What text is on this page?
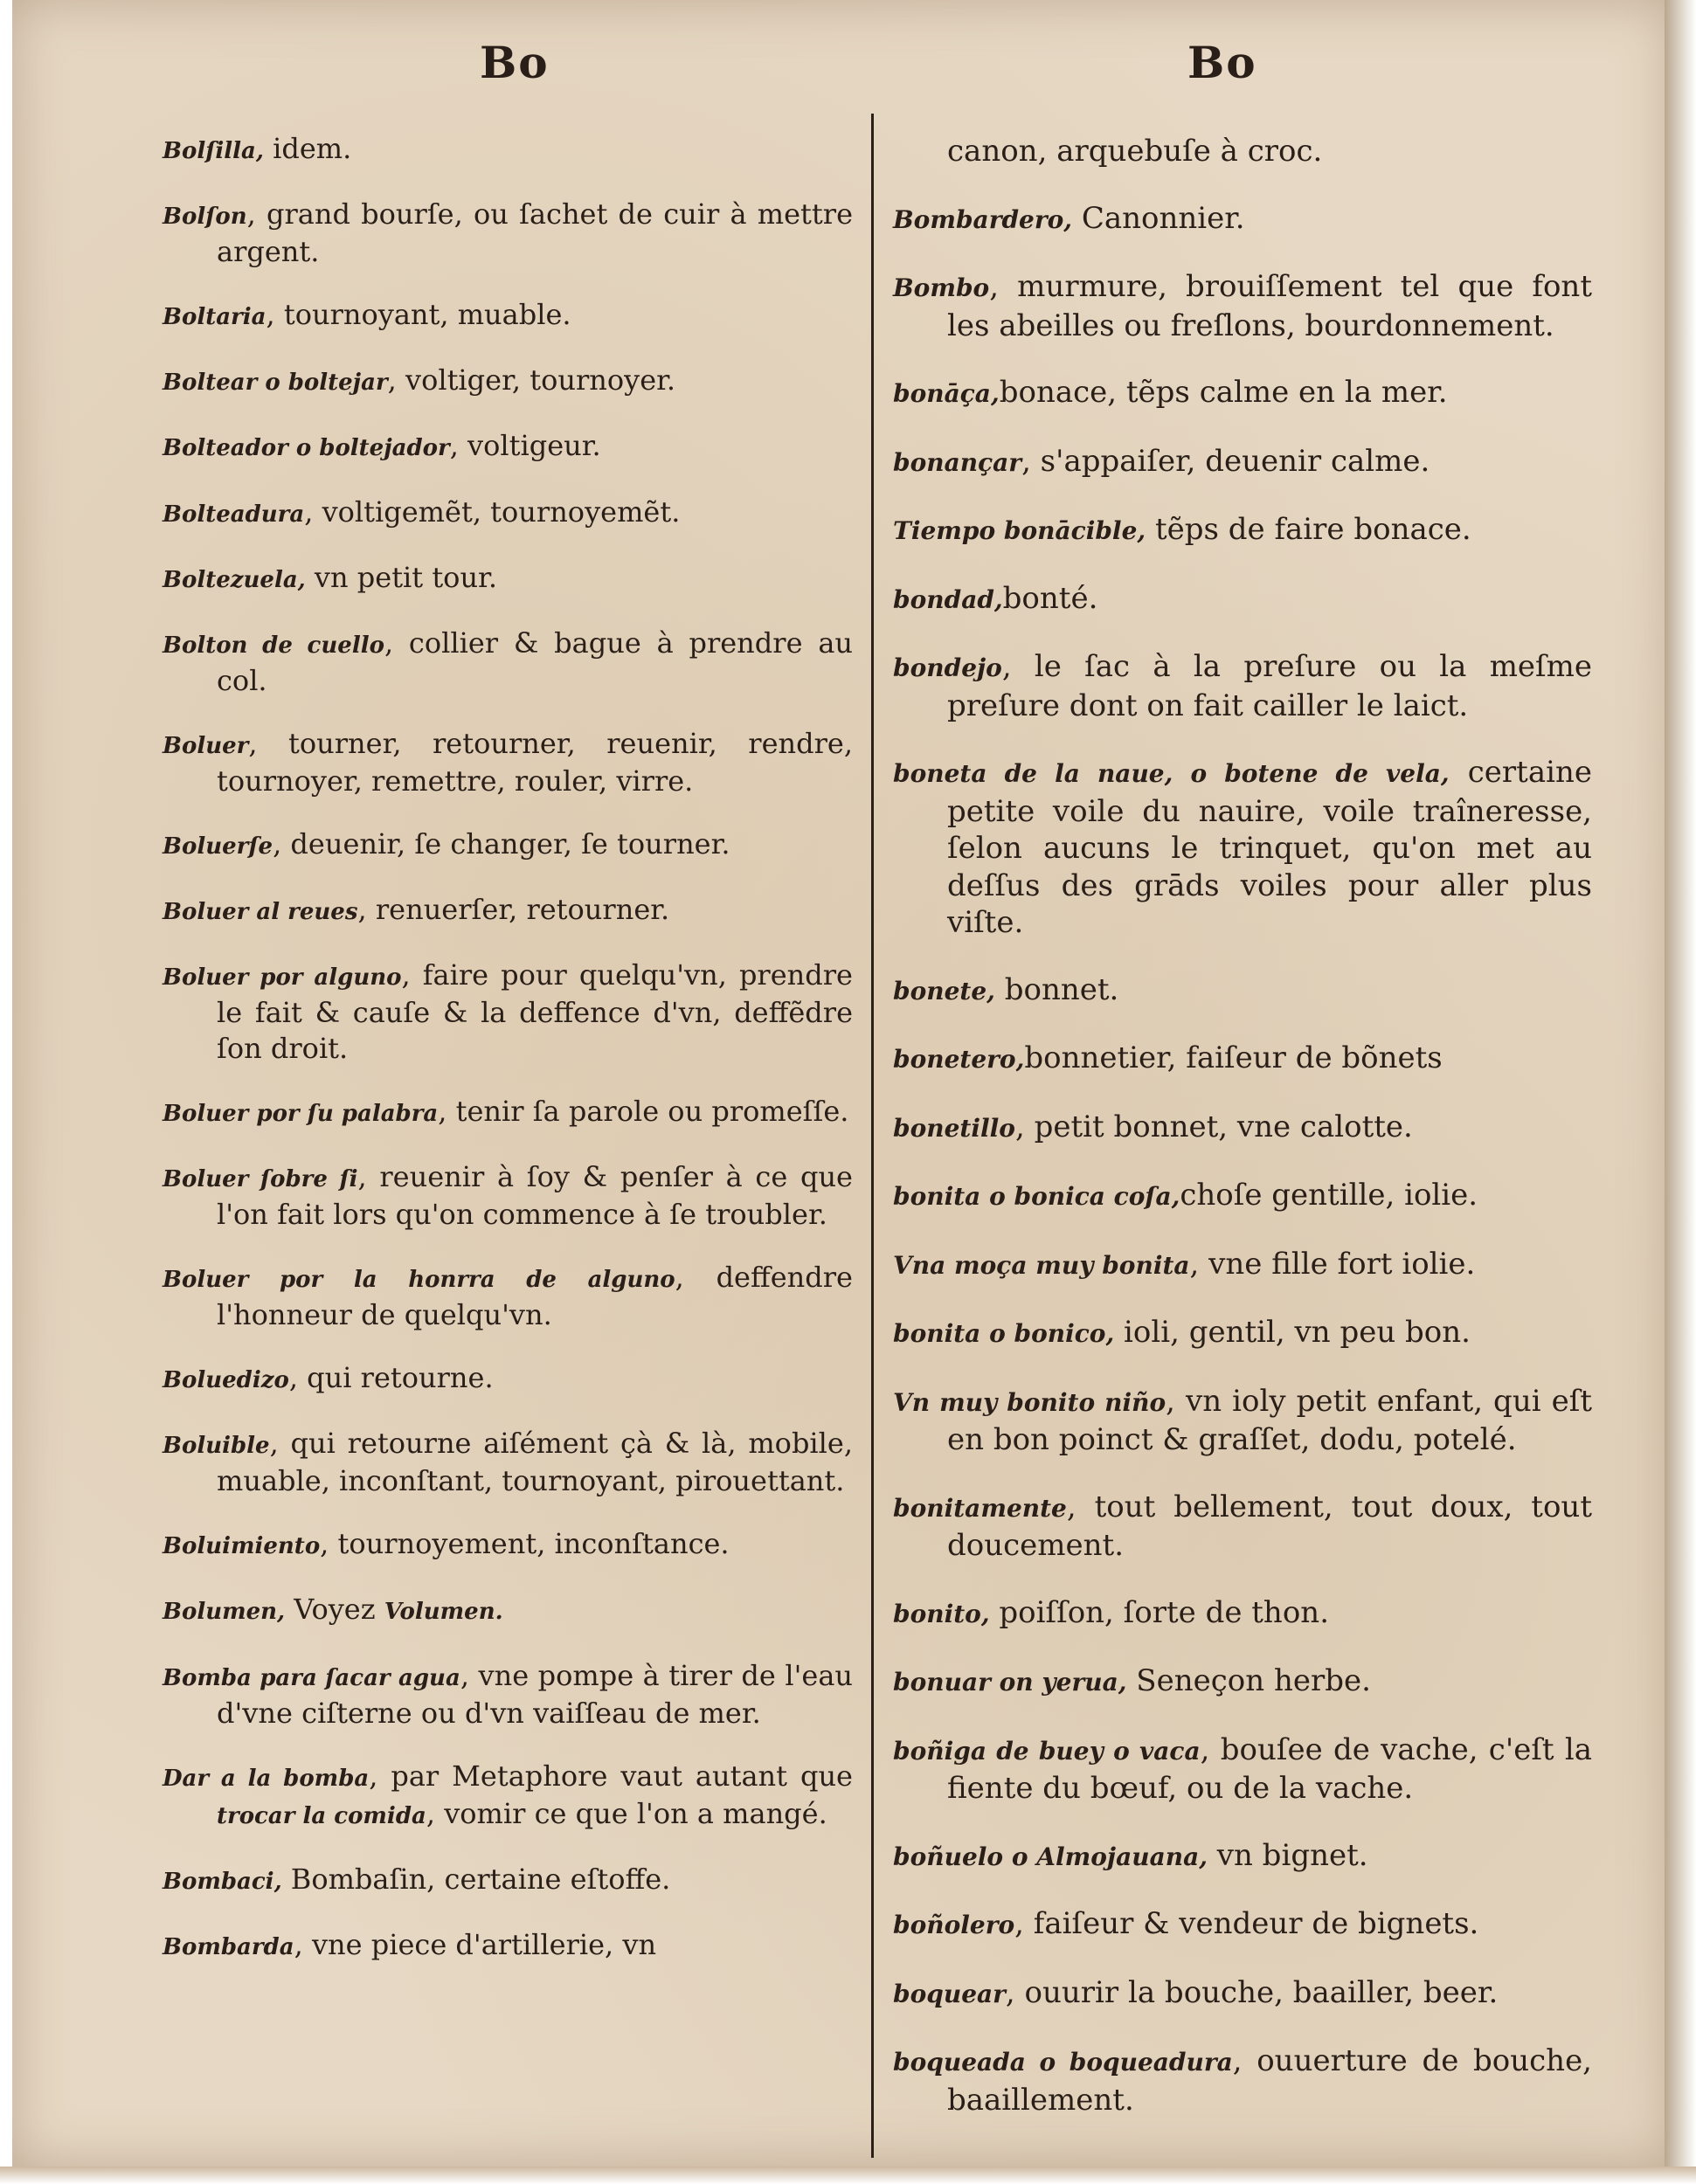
Bo	Bo

Bolſilla, idem.

Bolſon, grand bourſe, ou ſachet de cuir à mettre argent.

Boltaria, tournoyant, muable.

Boltear o boltejar, voltiger, tournoyer.

Bolteador o boltejador, voltigeur.

Bolteadura, voltigemẽt, tournoyemẽt.

Boltezuela, vn petit tour.

Bolton de cuello, collier & bague à prendre au col.

Boluer, tourner, retourner, reuenir, rendre, tournoyer, remettre, rouler, virre.

Boluerſe, deuenir, ſe changer, ſe tourner.

Boluer al reues, renuerſer, retourner.

Boluer por alguno, faire pour quelqu'vn, prendre le fait & cauſe & la deffence d'vn, deffẽdre ſon droit.

Boluer por ſu palabra, tenir ſa parole ou promeſſe.

Boluer ſobre ſi, reuenir à ſoy & penſer à ce que l'on fait lors qu'on commence à ſe troubler.

Boluer por la honrra de alguno, deffendre l'honneur de quelqu'vn.

Boluedizo, qui retourne.

Boluible, qui retourne aiſément çà & là, mobile, muable, inconſtant, tournoyant, pirouettant.

Boluimiento, tournoyement, inconſtance.

Bolumen, Voyez Volumen.

Bomba para ſacar agua, vne pompe à tirer de l'eau d'vne ciſterne ou d'vn vaiſſeau de mer.

Dar a la bomba, par Metaphore vaut autant que trocar la comida, vomir ce que l'on a mangé.

Bombaci, Bombaſin, certaine eſtoffe.

Bombarda, vne piece d'artillerie, vn

canon, arquebuſe à croc.

Bombardero, Canonnier.

Bombo, murmure, brouiſſement tel que font les abeilles ou freſlons, bourdonnement.

bonāça,bonace, tẽps calme en la mer.

bonançar, s'appaiſer, deuenir calme.

Tiempo bonācible, tẽps de faire bonace.

bondad,bonté.

bondejo, le ſac à la preſure ou la meſme preſure dont on fait cailler le laict.

boneta de la naue, o botene de vela, certaine petite voile du nauire, voile traîneresse, ſelon aucuns le trinquet, qu'on met au deſſus des grāds voiles pour aller plus viſte.

bonete, bonnet.

bonetero,bonnetier, faiſeur de bõnets

bonetillo, petit bonnet, vne calotte.

bonita o bonica coſa,choſe gentille, iolie.

Vna moça muy bonita, vne fille fort iolie.

bonita o bonico, ioli, gentil, vn peu bon.

Vn muy bonito niño, vn ioly petit enfant, qui eſt en bon poinct & graſſet, dodu, potelé.

bonitamente, tout bellement, tout doux, tout doucement.

bonito, poiſſon, ſorte de thon.

bonuar on yerua, Seneçon herbe.

boñiga de buey o vaca, bouſee de vache, c'eſt la fiente du bœuf, ou de la vache.

boñuelo o Almojauana, vn bignet.

boñolero, faiſeur & vendeur de bignets.

boquear, ouurir la bouche, baailler, beer.

boqueada o boqueadura, ouuerture de bouche, baaillement.
